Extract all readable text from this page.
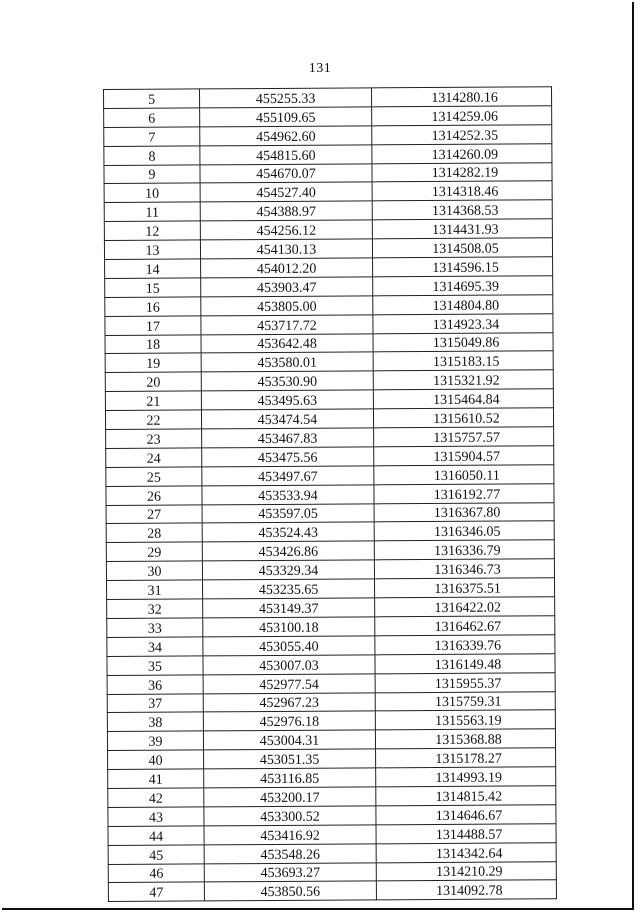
131
5	455255.33	1314280.16
6	455109.65	1314259.06
7	454962.60	1314252.35
8	454815.60	1314260.09
9	454670.07	1314282.19
10	454527.40	1314318.46
11	454388.97	1314368.53
12	454256.12	1314431.93
13	454130.13	1314508.05
14	454012.20	1314596.15
15	453903.47	1314695.39
16	453805.00	1314804.80
17	453717.72	1314923.34
18	453642.48	1315049.86
19	453580.01	1315183.15
20	453530.90	1315321.92
21	453495.63	1315464.84
22	453474.54	1315610.52
23	453467.83	1315757.57
24	453475.56	1315904.57
25	453497.67	1316050.11
26	453533.94	1316192.77
27	453597.05	1316367.80
28	453524.43	1316346.05
29	453426.86	1316336.79
30	453329.34	1316346.73
31	453235.65	1316375.51
32	453149.37	1316422.02
33	453100.18	1316462.67
34	453055.40	1316339.76
35	453007.03	1316149.48
36	452977.54	1315955.37
37	452967.23	1315759.31
38	452976.18	1315563.19
39	453004.31	1315368.88
40	453051.35	1315178.27
41	453116.85	1314993.19
42	453200.17	1314815.42
43	453300.52	1314646.67
44	453416.92	1314488.57
45	453548.26	1314342.64
46	453693.27	1314210.29
47	453850.56	1314092.78
